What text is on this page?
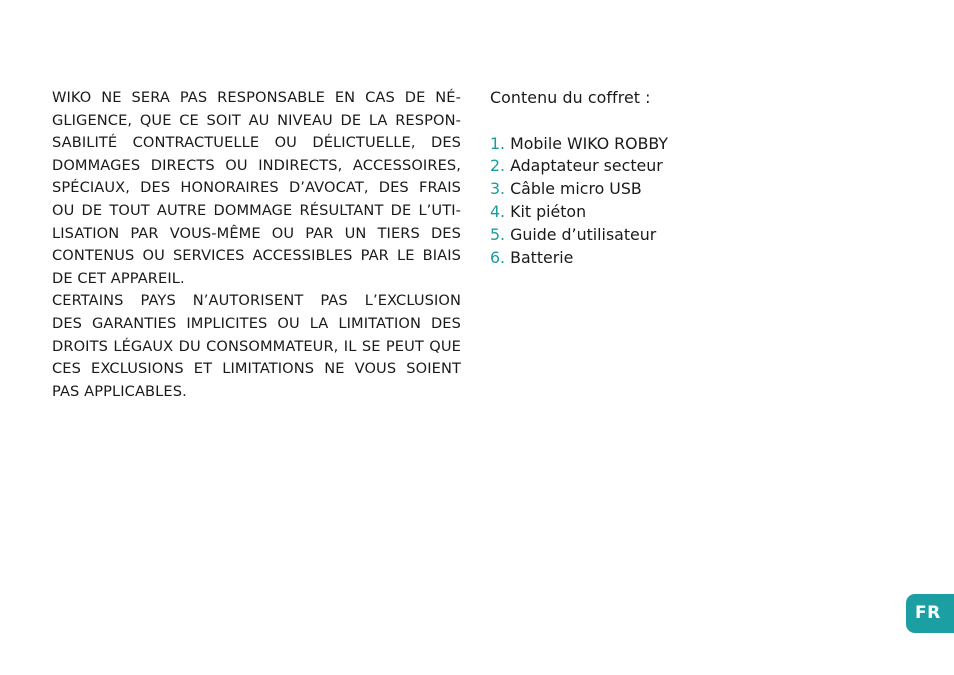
WIKO NE SERA PAS RESPONSABLE EN CAS DE NÉ-
GLIGENCE, QUE CE SOIT AU NIVEAU DE LA RESPON-
SABILITÉ CONTRACTUELLE OU DÉLICTUELLE, DES
DOMMAGES DIRECTS OU INDIRECTS, ACCESSOIRES,
SPÉCIAUX, DES HONORAIRES D’AVOCAT, DES FRAIS
OU DE TOUT AUTRE DOMMAGE RÉSULTANT DE L’UTI-
LISATION PAR VOUS-MÊME OU PAR UN TIERS DES
CONTENUS OU SERVICES ACCESSIBLES PAR LE BIAIS
DE CET APPAREIL.
CERTAINS PAYS N’AUTORISENT PAS L’EXCLUSION
DES GARANTIES IMPLICITES OU LA LIMITATION DES
DROITS LÉGAUX DU CONSOMMATEUR, IL SE PEUT QUE
CES EXCLUSIONS ET LIMITATIONS NE VOUS SOIENT
PAS APPLICABLES.
Contenu du coffret :
1. Mobile WIKO ROBBY
2. Adaptateur secteur
3. Câble micro USB
4. Kit piéton
5. Guide d’utilisateur
6. Batterie
FR
